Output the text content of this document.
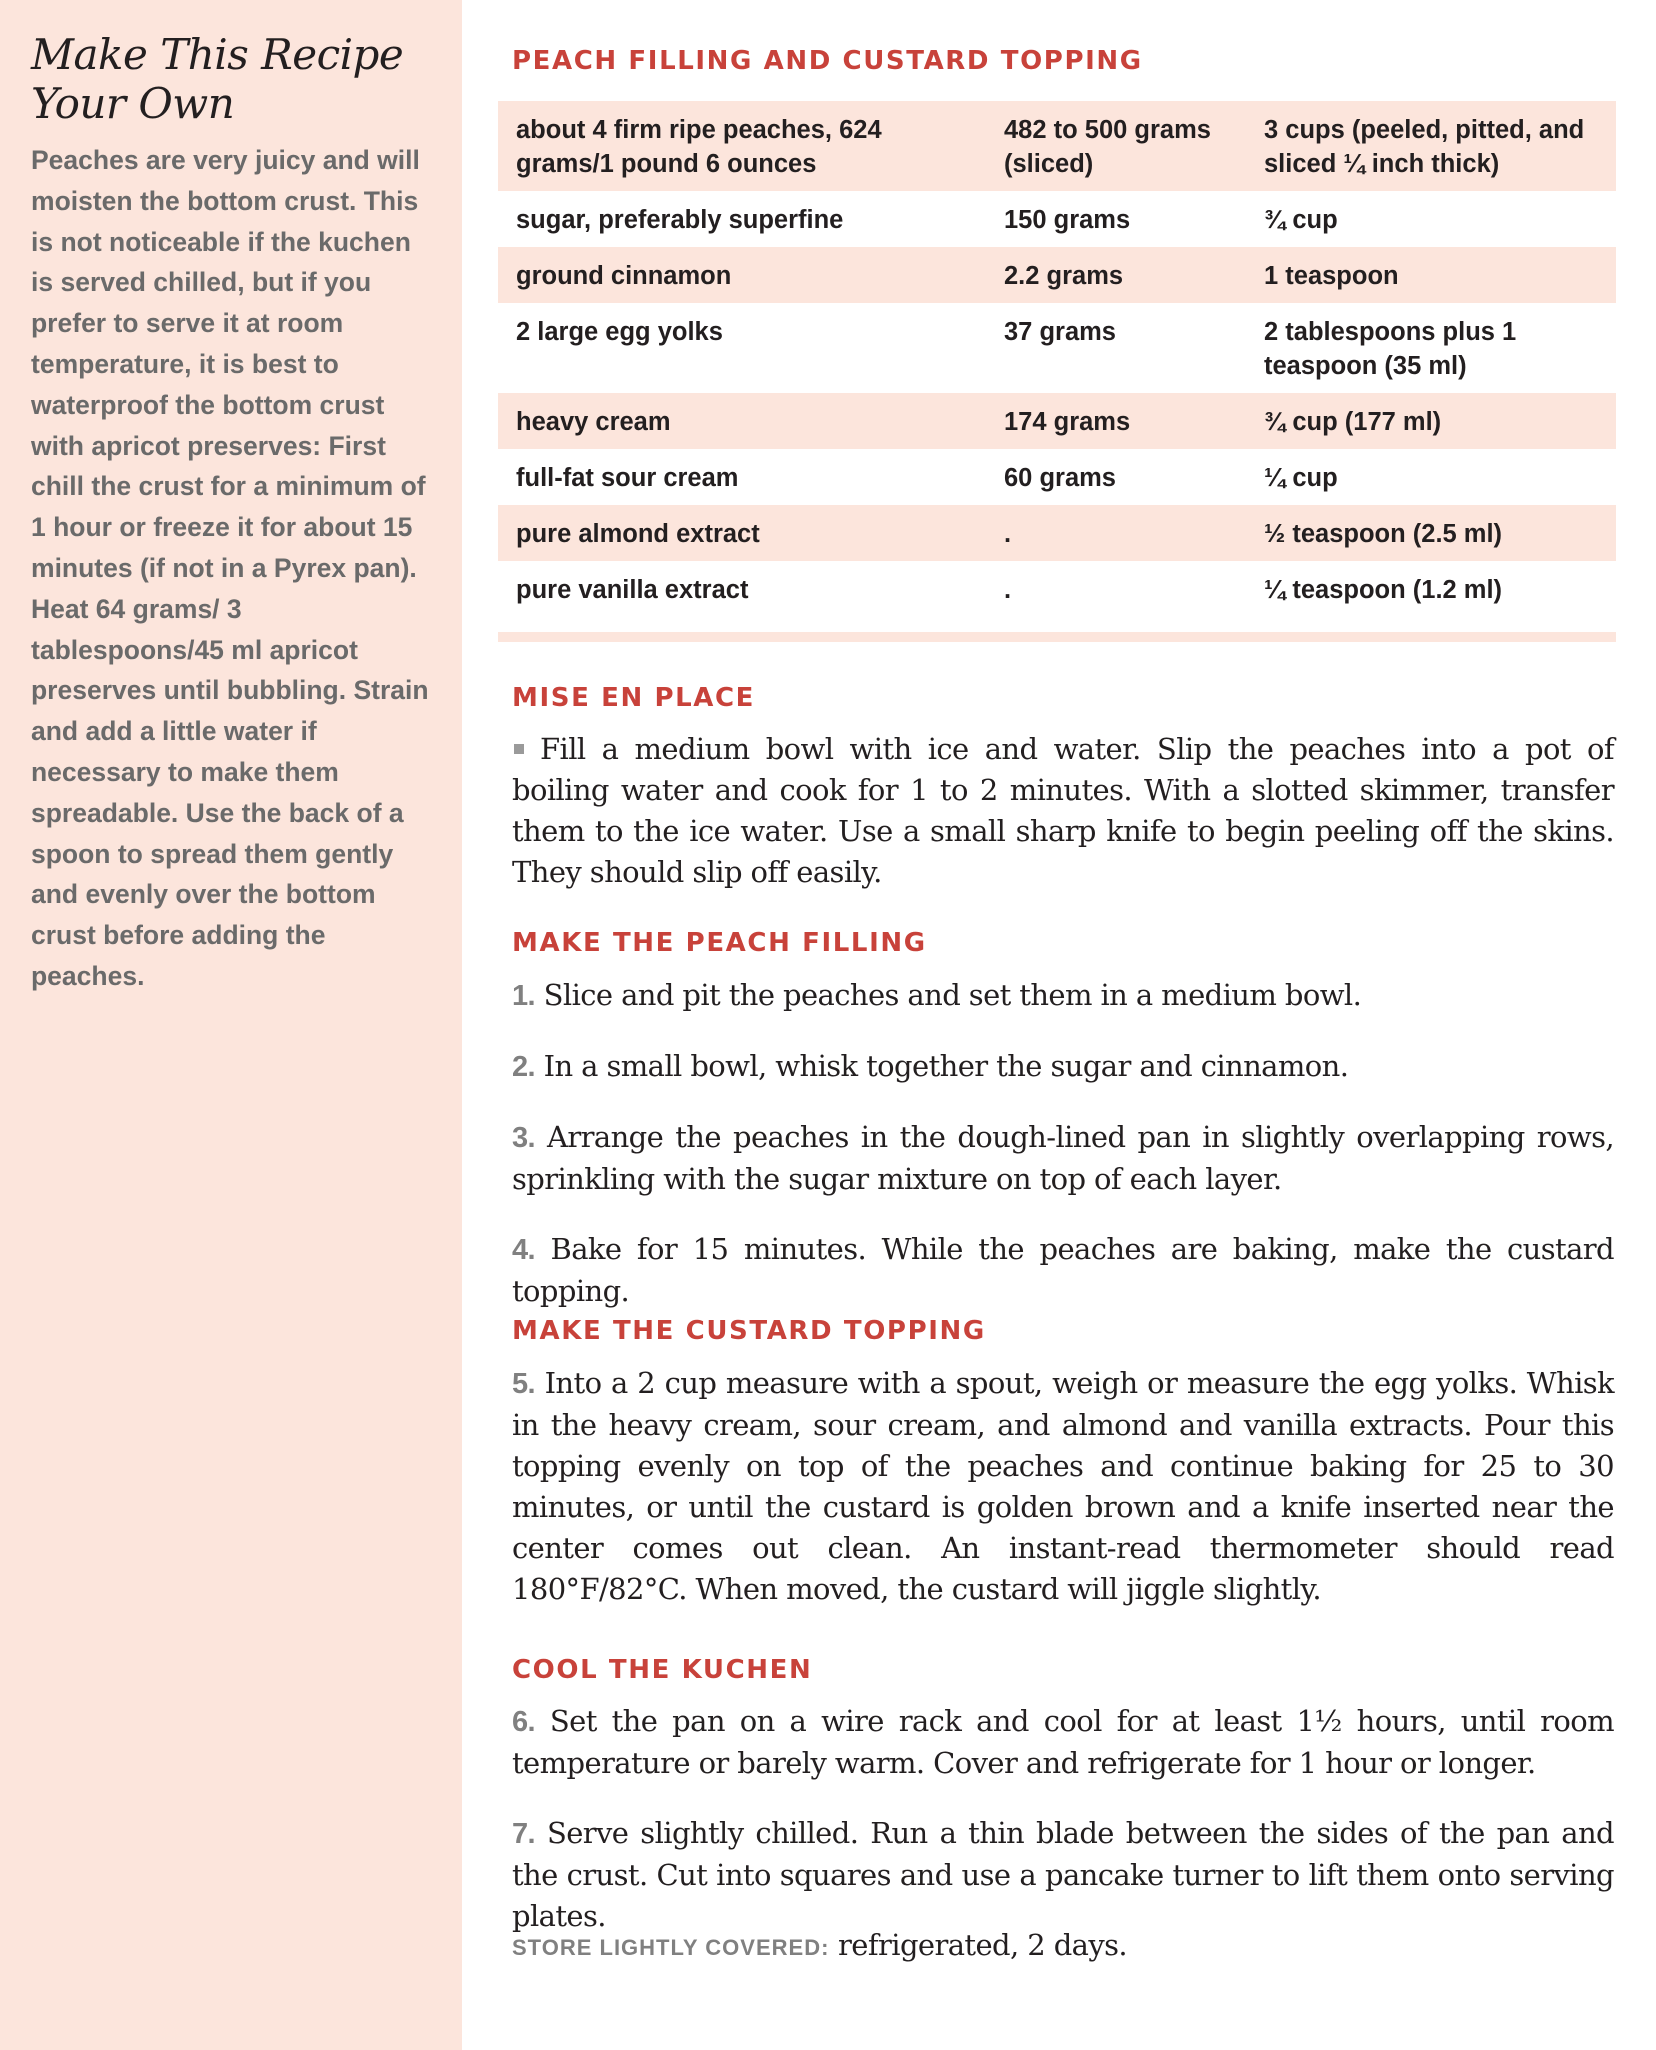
Make This Recipe
Your Own

Peaches are very juicy and will moisten the bottom crust. This is not noticeable if the kuchen is served chilled, but if you prefer to serve it at room temperature, it is best to waterproof the bottom crust with apricot preserves: First chill the crust for a minimum of 1 hour or freeze it for about 15 minutes (if not in a Pyrex pan). Heat 64 grams/ 3 tablespoons/45 ml apricot preserves until bubbling. Strain and add a little water if necessary to make them spreadable. Use the back of a spoon to spread them gently and evenly over the bottom crust before adding the peaches.

PEACH FILLING AND CUSTARD TOPPING
about 4 firm ripe peaches, 624 grams/1 pound 6 ounces	482 to 500 grams (sliced)	3 cups (peeled, pitted, and sliced ¼ inch thick)
sugar, preferably superfine	150 grams	¾ cup
ground cinnamon	2.2 grams	1 teaspoon
2 large egg yolks	37 grams	2 tablespoons plus 1 teaspoon (35 ml)
heavy cream	174 grams	¾ cup (177 ml)
full-fat sour cream	60 grams	¼ cup
pure almond extract	.	½ teaspoon (2.5 ml)
pure vanilla extract	.	¼ teaspoon (1.2 ml)
MISE EN PLACE

Fill a medium bowl with ice and water. Slip the peaches into a pot of boiling water and cook for 1 to 2 minutes. With a slotted skimmer, transfer them to the ice water. Use a small sharp knife to begin peeling off the skins. They should slip off easily.

MAKE THE PEACH FILLING

1. Slice and pit the peaches and set them in a medium bowl.

2. In a small bowl, whisk together the sugar and cinnamon.

3. Arrange the peaches in the dough-lined pan in slightly overlapping rows, sprinkling with the sugar mixture on top of each layer.

4. Bake for 15 minutes. While the peaches are baking, make the custard topping.

MAKE THE CUSTARD TOPPING

5. Into a 2 cup measure with a spout, weigh or measure the egg yolks. Whisk in the heavy cream, sour cream, and almond and vanilla extracts. Pour this topping evenly on top of the peaches and continue baking for 25 to 30 minutes, or until the custard is golden brown and a knife inserted near the center comes out clean. An instant-read thermometer should read 180°F/82°C. When moved, the custard will jiggle slightly.

COOL THE KUCHEN

6. Set the pan on a wire rack and cool for at least 1½ hours, until room temperature or barely warm. Cover and refrigerate for 1 hour or longer.

7. Serve slightly chilled. Run a thin blade between the sides of the pan and the crust. Cut into squares and use a pancake turner to lift them onto serving plates.

STORE LIGHTLY COVERED: refrigerated, 2 days.
